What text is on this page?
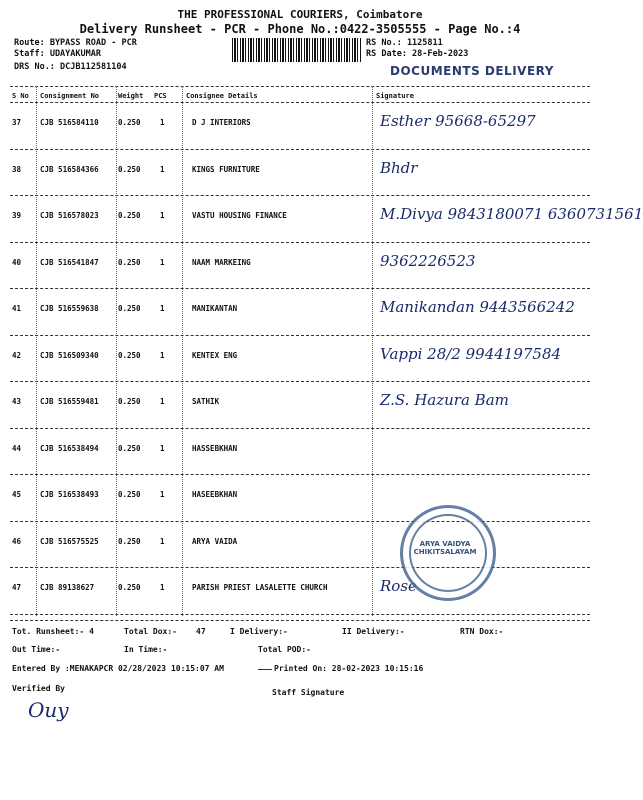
THE PROFESSIONAL COURIERS, Coimbatore
Delivery Runsheet - PCR - Phone No.:0422-3505555 - Page No.:4
Route: BYPASS ROAD - PCR
Staff: UDAYAKUMAR
DRS No.: DCJB112581104
RS No.: 1125811
RS Date: 28-Feb-2023
DOCUMENTS DELIVERY
S No Consignment No	Weight PCS	Consignee Details	Signature
37	CJB 516584110	0.250	1	D J INTERIORS	Esther 95668-65297
38	CJB 516584366	0.250	1	KINGS FURNITURE	Bhdr
39	CJB 516578023	0.250	1	VASTU HOUSING FINANCE	M.Divya 9843180071 6360731561
40	CJB 516541847	0.250	1	NAAM MARKEING	9362226523
41	CJB 516559638	0.250	1	MANIKANTAN	Manikandan 9443566242
42	CJB 516509340	0.250	1	KENTEX ENG	Vappi 28/2 9944197584
43	CJB 516559481	0.250	1	SATHIK	Z.S. Hazura Bam
44	CJB 516538494	0.250	1	HASSEBKHAN
45	CJB 516538493	0.250	1	HASEEBKHAN
46	CJB 516575525	0.250	1	ARYA VAIDA
47	CJB 89138627	0.250	1	PARISH PRIEST LASALETTE CHURCH	Rose
ARYA VAIDYA CHIKITSALAYAM
Tot. Runsheet:- 4	Total Dox:- 47	I Delivery:-	II Delivery:-	RTN Dox:-
Out Time:-	In Time:-	Total POD:-
Entered By :MENAKAPCR 02/28/2023 10:15:07 AM	Printed On: 28-02-2023 10:15:16
Verified By	Staff Signature
Ouy
